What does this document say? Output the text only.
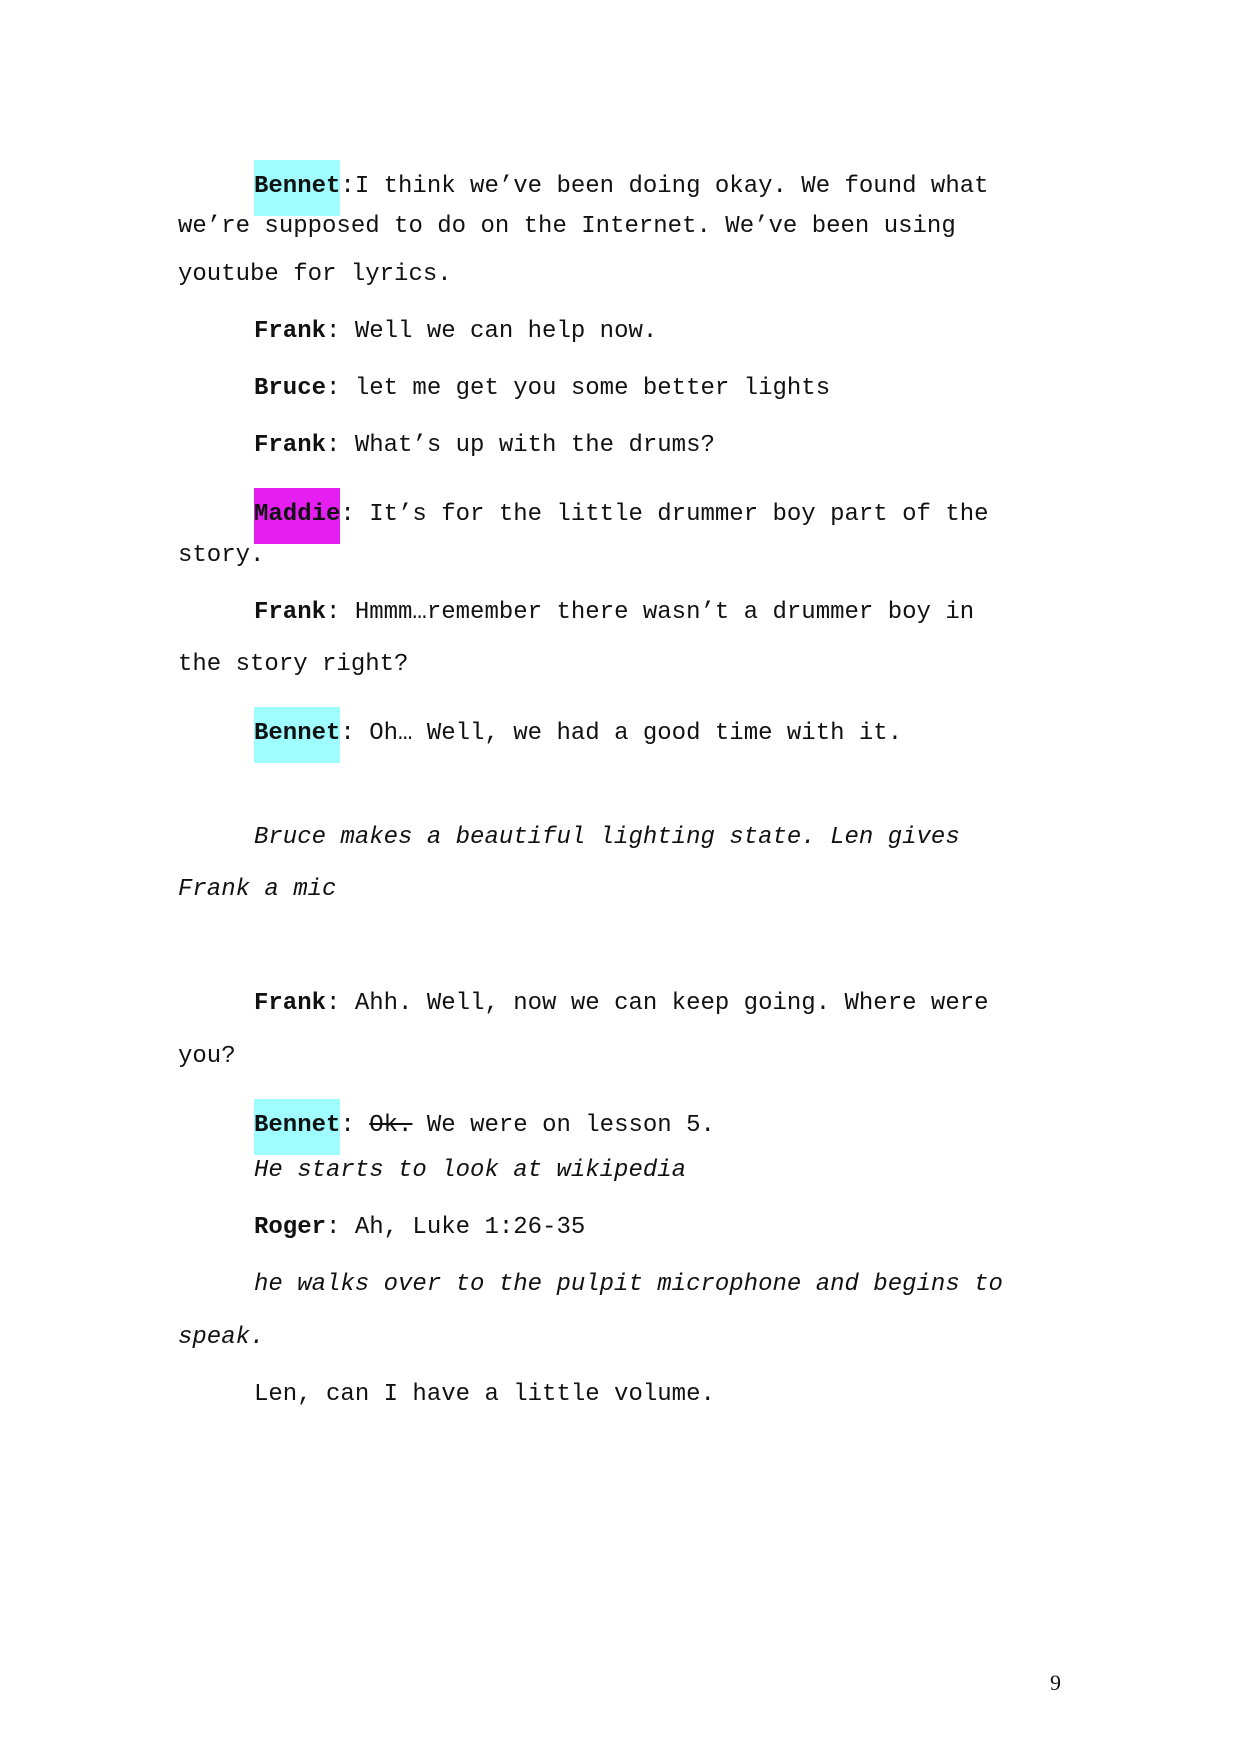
Bennet:I think we’ve been doing okay. We found what
we’re supposed to do on the Internet. We’ve been using
youtube for lyrics.
Frank: Well we can help now.
Bruce: let me get you some better lights
Frank: What’s up with the drums?
Maddie: It’s for the little drummer boy part of the
story.
Frank: Hmmm…remember there wasn’t a drummer boy in
the story right?
Bennet: Oh… Well, we had a good time with it.
Bruce makes a beautiful lighting state. Len gives
Frank a mic
Frank: Ahh. Well, now we can keep going. Where were
you?
Bennet: Ok. We were on lesson 5.
He starts to look at wikipedia
Roger: Ah, Luke 1:26-35
he walks over to the pulpit microphone and begins to
speak.
Len, can I have a little volume.
9
